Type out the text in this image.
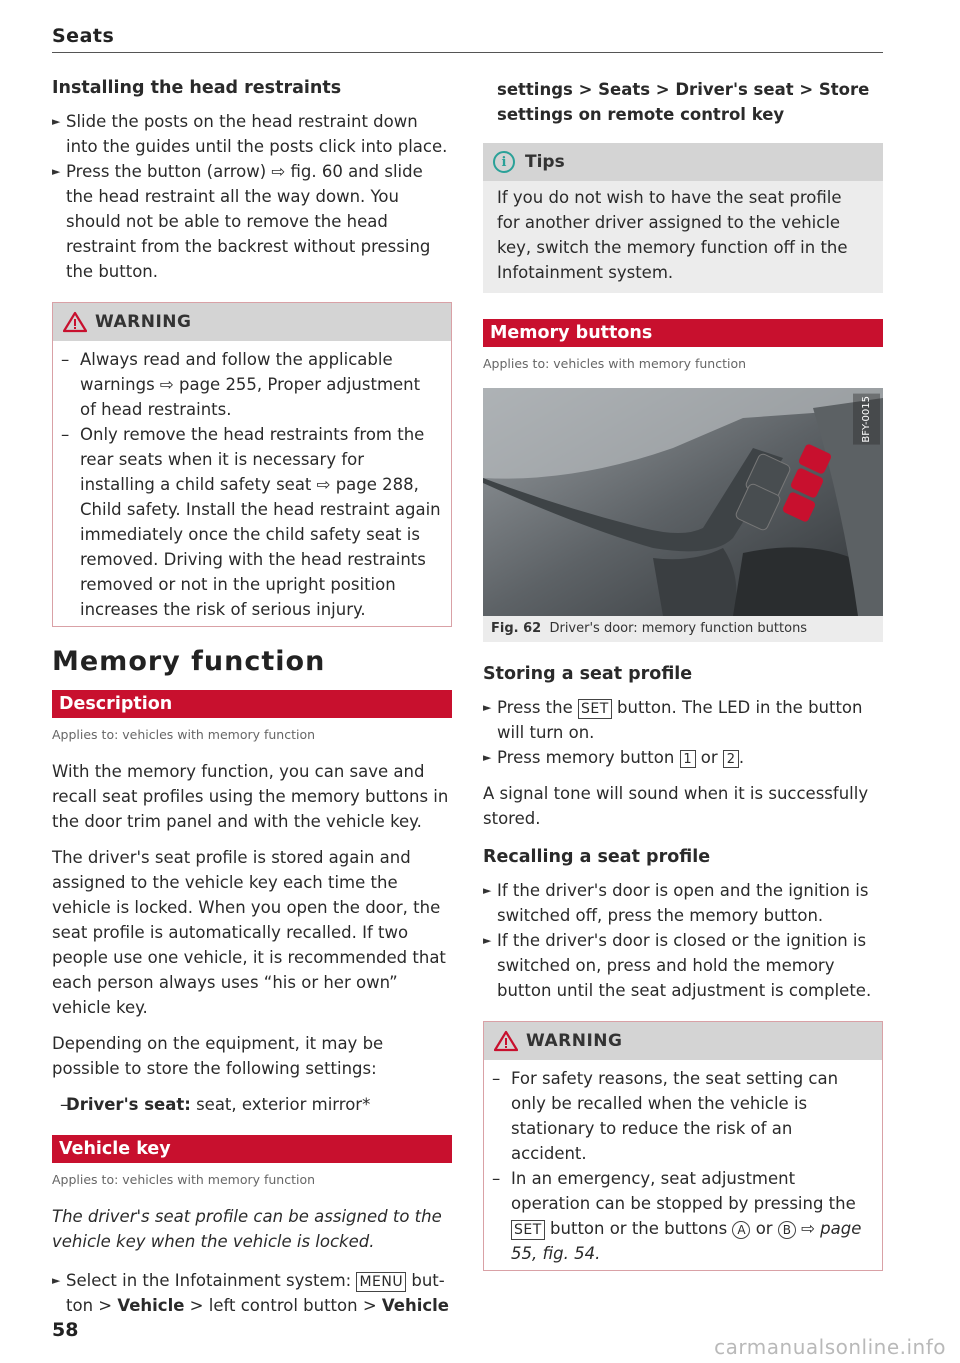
Seats
Installing the head restraints

► Slide the posts on the head restraint down into the guides until the posts click into place.

► Press the button (arrow) ⇨ fig. 60 and slide the head restraint all the way down. You should not be able to remove the head restraint from the backrest without pressing the button.

WARNING

– Always read and follow the applicable warnings ⇨ page 255, Proper adjustment of head restraints.

– Only remove the head restraints from the rear seats when it is necessary for installing a child safety seat ⇨ page 288, Child safety. Install the head restraint again immediately once the child safety seat is removed. Driving with the head restraints removed or not in the upright position increases the risk of serious injury.

Memory function
Description
Applies to: vehicles with memory function

With the memory function, you can save and recall seat profiles using the memory buttons in the door trim panel and with the vehicle key.

The driver's seat profile is stored again and assigned to the vehicle key each time the vehicle is locked. When you open the door, the seat profile is automatically recalled. If two people use one vehicle, it is recommended that each person always uses “his or her own” vehicle key.

Depending on the equipment, it may be possible to store the following settings:

– Driver's seat: seat, exterior mirror*

Vehicle key
Applies to: vehicles with memory function

The driver's seat profile can be assigned to the vehicle key when the vehicle is locked.

► Select in the Infotainment system: MENU but-ton > Vehicle > left control button > Vehicle

settings > Seats > Driver's seat > Store settings on remote control key

i	Tips

If you do not wish to have the seat profile for another driver assigned to the vehicle key, switch the memory function off in the Infotainment system.

Memory buttons
Applies to: vehicles with memory function
BFY-0015
Fig. 62 Driver's door: memory function buttons
Storing a seat profile

► Press the SET button. The LED in the button will turn on.

► Press memory button 1 or 2 .

A signal tone will sound when it is successfully stored.

Recalling a seat profile

► If the driver's door is open and the ignition is switched off, press the memory button.

► If the driver's door is closed or the ignition is switched on, press and hold the memory button until the seat adjustment is complete.

WARNING

– For safety reasons, the seat setting can only be recalled when the vehicle is stationary to reduce the risk of an accident.

– In an emergency, seat adjustment operation can be stopped by pressing the SET button or the buttons A or B ⇨ page 55, fig. 54.

58
carmanualsonline.info
